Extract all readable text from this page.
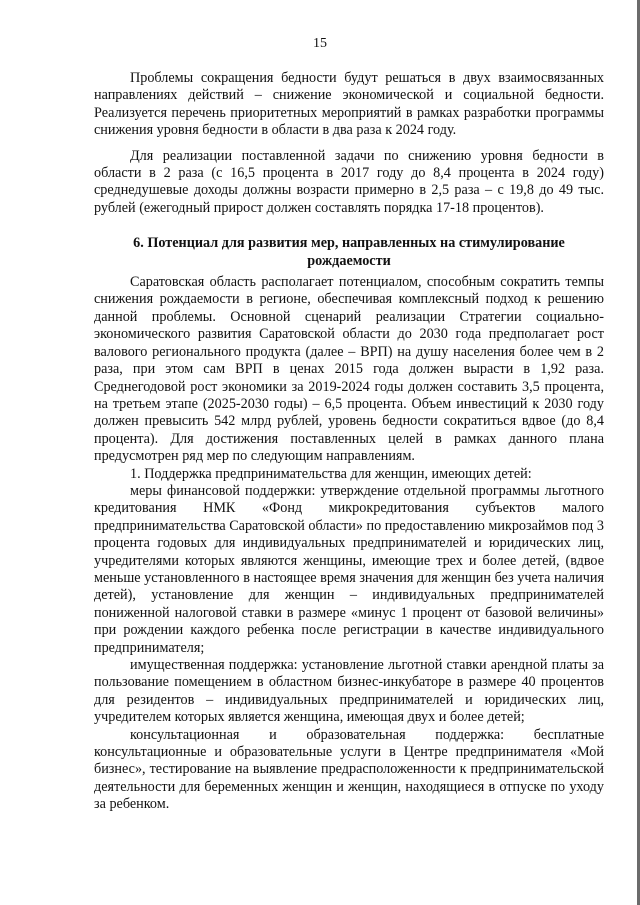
15

Проблемы сокращения бедности будут решаться в двух взаимосвязанных направлениях действий – снижение экономической и социальной бедности. Реализуется перечень приоритетных мероприятий в рамках разработки программы снижения уровня бедности в области в два раза к 2024 году.

Для реализации поставленной задачи по снижению уровня бедности в области в 2 раза (с 16,5 процента в 2017 году до 8,4 процента в 2024 году) среднедушевые доходы должны возрасти примерно в 2,5 раза – с 19,8 до 49 тыс. рублей (ежегодный прирост должен составлять порядка 17-18 процентов).

6. Потенциал для развития мер, направленных на стимулирование рождаемости

Саратовская область располагает потенциалом, способным сократить темпы снижения рождаемости в регионе, обеспечивая комплексный подход к решению данной проблемы. Основной сценарий реализации Стратегии социально-экономического развития Саратовской области до 2030 года предполагает рост валового регионального продукта (далее – ВРП) на душу населения более чем в 2 раза, при этом сам ВРП в ценах 2015 года должен вырасти в 1,92 раза. Среднегодовой рост экономики за 2019-2024 годы должен составить 3,5 процента, на третьем этапе (2025-2030 годы) – 6,5 процента. Объем инвестиций к 2030 году должен превысить 542 млрд рублей, уровень бедности сократиться вдвое (до 8,4 процента). Для достижения поставленных целей в рамках данного плана предусмотрен ряд мер по следующим направлениям.

1. Поддержка предпринимательства для женщин, имеющих детей:

меры финансовой поддержки: утверждение отдельной программы льготного кредитования НМК «Фонд микрокредитования субъектов малого предпринимательства Саратовской области» по предоставлению микрозаймов под 3 процента годовых для индивидуальных предпринимателей и юридических лиц, учредителями которых являются женщины, имеющие трех и более детей, (вдвое меньше установленного в настоящее время значения для женщин без учета наличия детей), установление для женщин – индивидуальных предпринимателей пониженной налоговой ставки в размере «минус 1 процент от базовой величины» при рождении каждого ребенка после регистрации в качестве индивидуального предпринимателя;

имущественная поддержка: установление льготной ставки арендной платы за пользование помещением в областном бизнес-инкубаторе в размере 40 процентов для резидентов – индивидуальных предпринимателей и юридических лиц, учредителем которых является женщина, имеющая двух и более детей;

консультационная и образовательная поддержка: бесплатные консультационные и образовательные услуги в Центре предпринимателя «Мой бизнес», тестирование на выявление предрасположенности к предпринимательской деятельности для беременных женщин и женщин, находящиеся в отпуске по уходу за ребенком.
